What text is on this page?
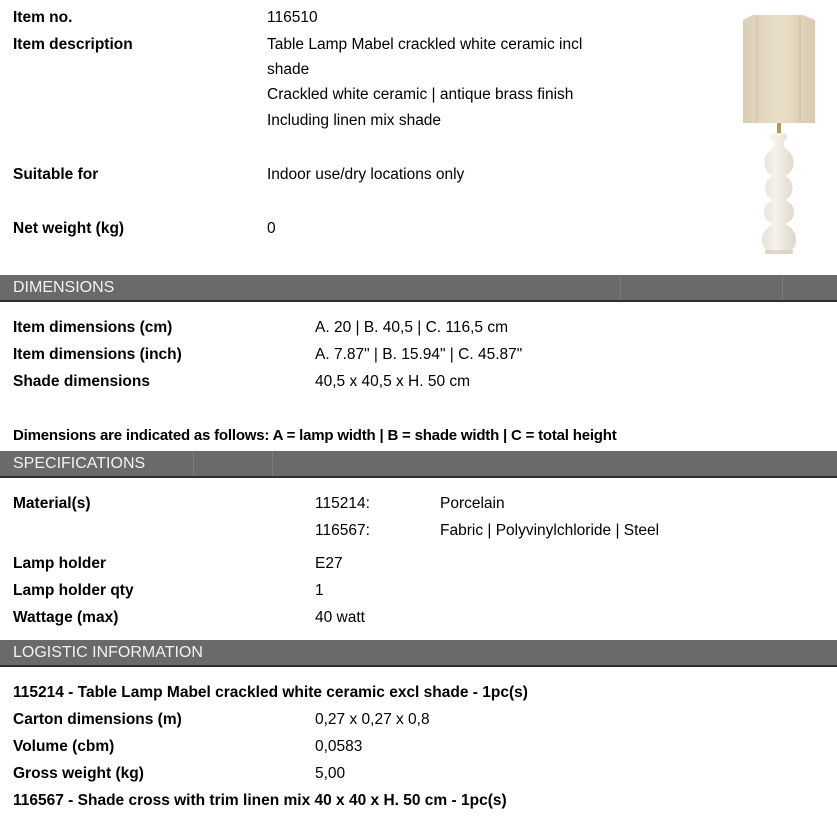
Item no.	116510
Item description	Table Lamp Mabel crackled white ceramic incl
shade
Crackled white ceramic | antique brass finish
Including linen mix shade
Suitable for	Indoor use/dry locations only
Net weight (kg)	0
DIMENSIONS
Item dimensions (cm)	A. 20 | B. 40,5 | C. 116,5 cm
Item dimensions (inch)	A. 7.87" | B. 15.94" | C. 45.87"
Shade dimensions	40,5 x 40,5 x H. 50 cm
Dimensions are indicated as follows: A = lamp width | B = shade width | C = total height
SPECIFICATIONS
Material(s)	115214:	Porcelain
116567:	Fabric | Polyvinylchloride | Steel
Lamp holder	E27
Lamp holder qty	1
Wattage (max)	40 watt
LOGISTIC INFORMATION
115214 - Table Lamp Mabel crackled white ceramic excl shade - 1pc(s)
Carton dimensions (m)	0,27 x 0,27 x 0,8
Volume (cbm)	0,0583
Gross weight (kg)	5,00
116567 - Shade cross with trim linen mix 40 x 40 x H. 50 cm - 1pc(s)
